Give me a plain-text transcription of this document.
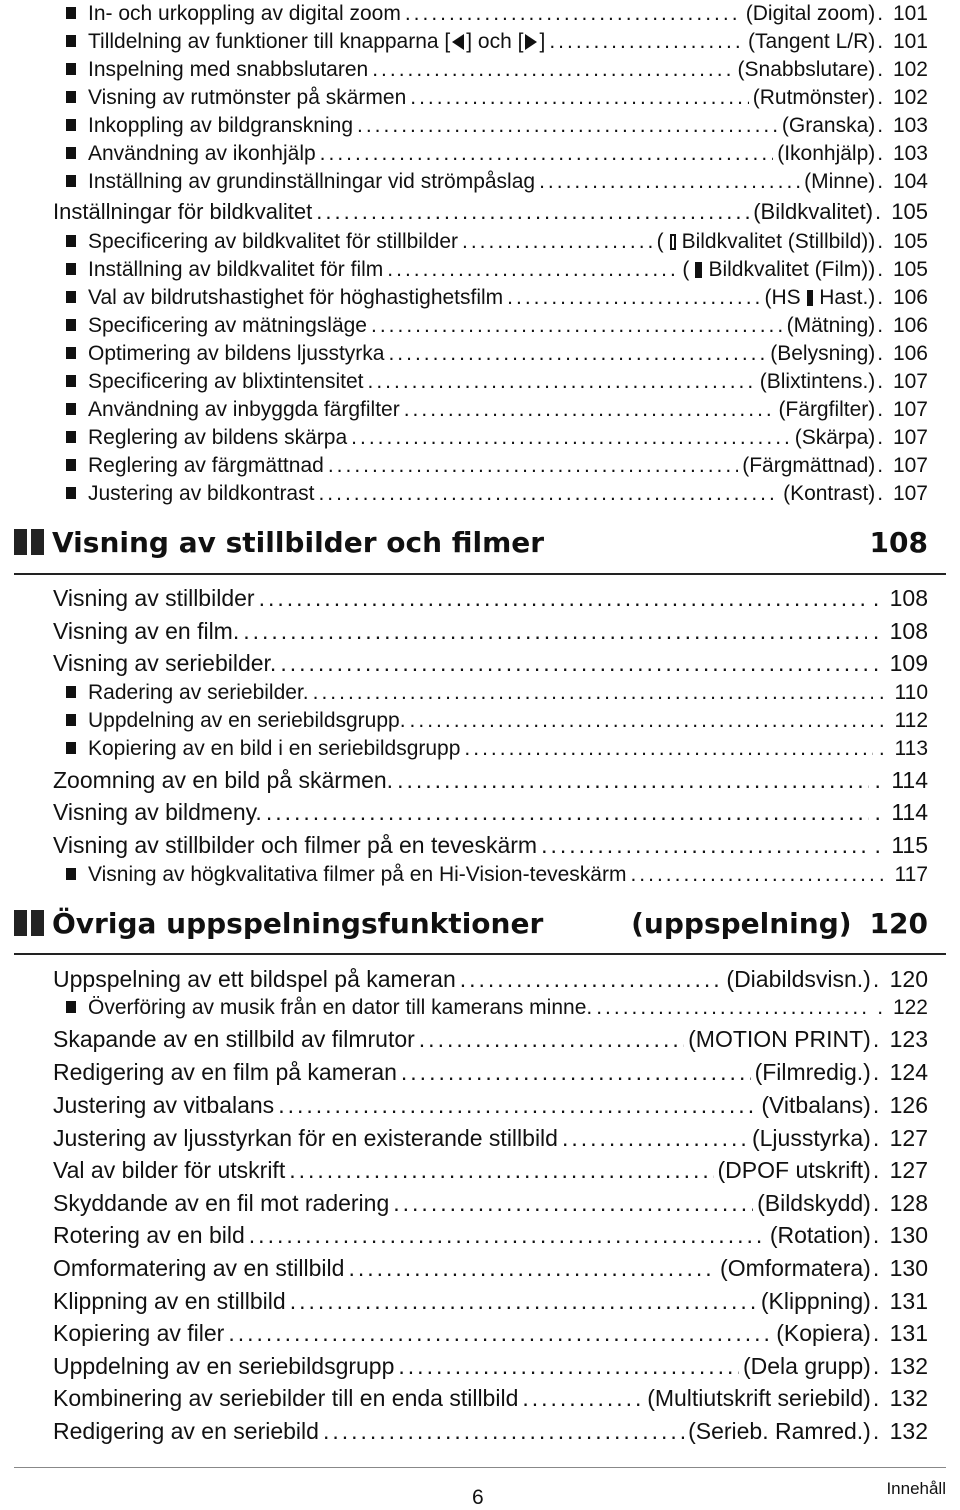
In- och urkoppling av digital zoom .....	(Digital zoom) . 101
Tilldelning av funktioner till knapparna [ ] och [ ] .....	(Tangent L/R) . 101
Inspelning med snabbslutaren .....	(Snabbslutare) . 102
Visning av rutmönster på skärmen .....	(Rutmönster) . 102
Inkoppling av bildgranskning .....	(Granska) . 103
Användning av ikonhjälp .....	(Ikonhjälp) . 103
Inställning av grundinställningar vid strömpåslag .....	(Minne) . 104
Inställningar för bildkvalitet .....	(Bildkvalitet) . 105
Specificering av bildkvalitet för stillbilder .....	( Bildkvalitet (Stillbild)) . 105
Inställning av bildkvalitet för film .....	( Bildkvalitet (Film)) . 105
Val av bildrutshastighet för höghastighetsfilm .....	(HS Hast.) . 106
Specificering av mätningsläge .....	(Mätning) . 106
Optimering av bildens ljusstyrka .....	(Belysning) . 106
Specificering av blixtintensitet .....	(Blixtintens.) . 107
Användning av inbyggda färgfilter .....	(Färgfilter) . 107
Reglering av bildens skärpa .....	(Skärpa) . 107
Reglering av färgmättnad .....	(Färgmättnad) . 107
Justering av bildkontrast .....	(Kontrast) . 107
Visning av stillbilder .....	. 108
Visning av en film. .....	. 108
Visning av seriebilder. .....	. 109
Radering av seriebilder. .....	. 110
Uppdelning av en seriebildsgrupp. .....	. 112
Kopiering av en bild i en seriebildsgrupp .....	. 113
Zoomning av en bild på skärmen. .....	. 114
Visning av bildmeny. .....	. 114
Visning av stillbilder och filmer på en teveskärm .....	. 115
Visning av högkvalitativa filmer på en Hi-Vision-teveskärm .....	. 117
Uppspelning av ett bildspel på kameran .....	(Diabildsvisn.) . 120
Överföring av musik från en dator till kamerans minne. .....	. 122
Skapande av en stillbild av filmrutor .....	(MOTION PRINT) . 123
Redigering av en film på kameran .....	(Filmredig.) . 124
Justering av vitbalans .....	(Vitbalans) . 126
Justering av ljusstyrkan för en existerande stillbild .....	(Ljusstyrka) . 127
Val av bilder för utskrift .....	(DPOF utskrift) . 127
Skyddande av en fil mot radering .....	(Bildskydd) . 128
Rotering av en bild .....	(Rotation) . 130
Omformatering av en stillbild .....	(Omformatera) . 130
Klippning av en stillbild .....	(Klippning) . 131
Kopiering av filer .....	(Kopiera) . 131
Uppdelning av en seriebildsgrupp .....	(Dela grupp) . 132
Kombinering av seriebilder till en enda stillbild .....	(Multiutskrift seriebild) . 132
Redigering av en seriebild .....	(Serieb. Ramred.) . 132
Visning av stillbilder och filmer	108
Övriga uppspelningsfunktioner	(uppspelning) 120
6	Innehåll
